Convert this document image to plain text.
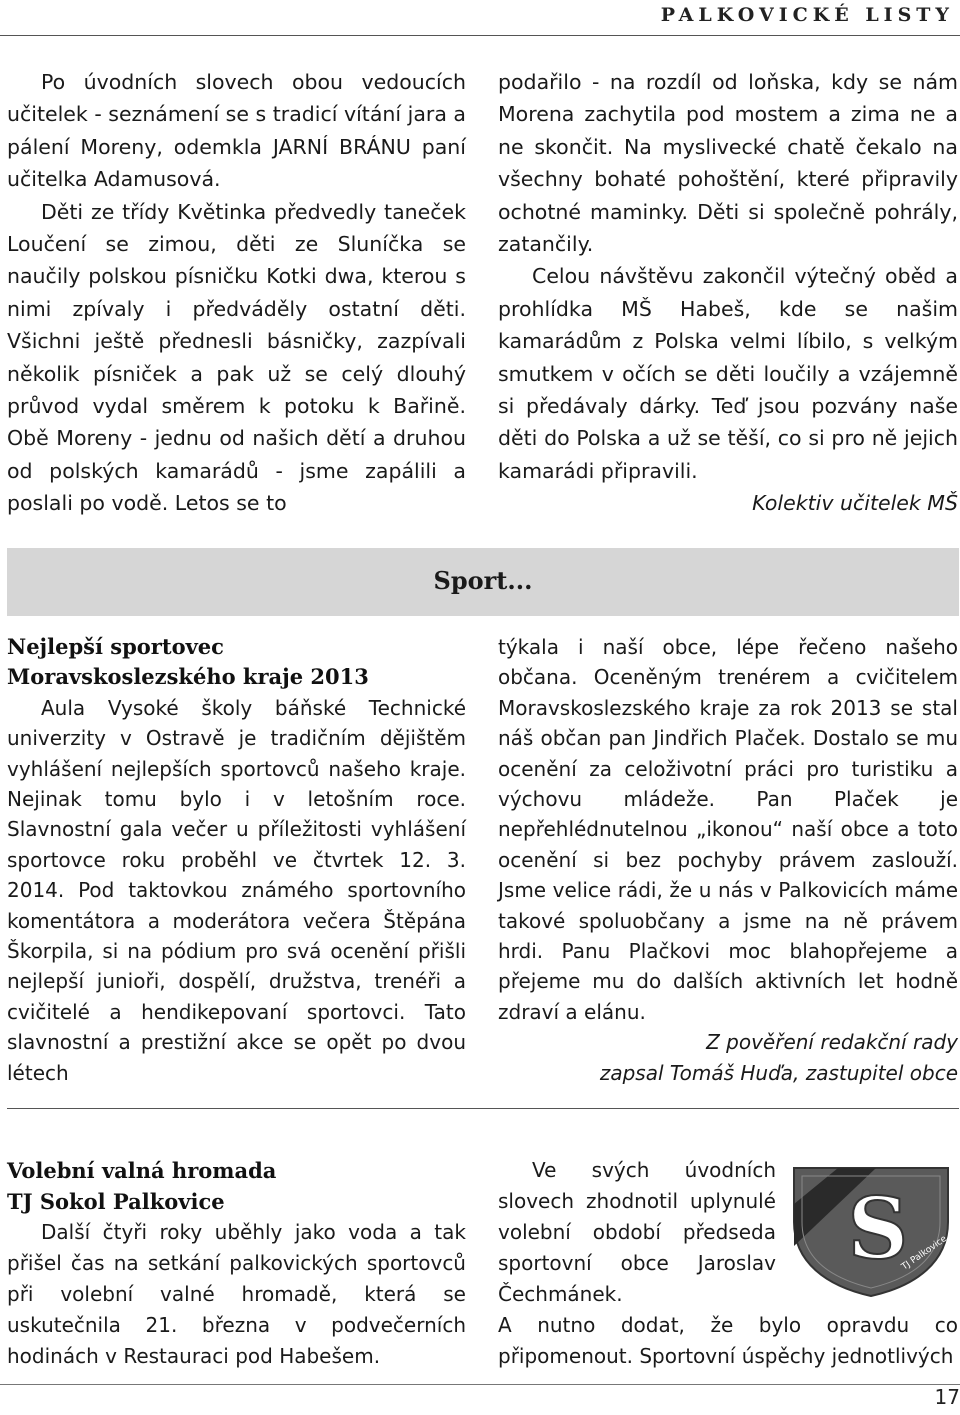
PALKOVICKÉ LISTY

Po úvodních slovech obou vedoucích učitelek - seznámení se s tradicí vítání jara a pálení Moreny, odemkla JARNÍ BRÁNU paní učitelka Adamusová.

Děti ze třídy Květinka předvedly taneček Loučení se zimou, děti ze Sluníčka se naučily polskou písničku Kotki dwa, kterou s nimi zpívaly i předváděly ostatní děti. Všichni ještě přednesli básničky, zazpívali několik písniček a pak už se celý dlouhý průvod vydal směrem k potoku k Bařině. Obě Moreny - jednu od našich dětí a druhou od polských kamarádů - jsme zapálili a poslali po vodě. Letos se to

podařilo - na rozdíl od loňska, kdy se nám Morena zachytila pod mostem a zima ne a ne skončit. Na myslivecké chatě čekalo na všechny bohaté pohoštění, které připravily ochotné maminky. Děti si společně pohrály, zatančily.

Celou návštěvu zakončil výtečný oběd a prohlídka MŠ Habeš, kde se našim kamarádům z Polska velmi líbilo, s velkým smutkem v očích se děti loučily a vzájemně si předávaly dárky. Teď jsou pozvány naše děti do Polska a už se těší, co si pro ně jejich kamarádi připravili.

Kolektiv učitelek MŠ

Sport...
Nejlepší sportovec
Moravskoslezského kraje 2013

Aula Vysoké školy báňské Technické univerzity v Ostravě je tradičním dějištěm vyhlášení nejlepších sportovců našeho kraje. Nejinak tomu bylo i v letošním roce. Slavnostní gala večer u příležitosti vyhlášení sportovce roku proběhl ve čtvrtek 12. 3. 2014. Pod taktovkou známého sportovního komentátora a moderátora večera Štěpána Škorpila, si na pódium pro svá ocenění přišli nejlepší junioři, dospělí, družstva, trenéři a cvičitelé a hendikepovaní sportovci. Tato slavnostní a prestižní akce se opět po dvou létech

týkala i naší obce, lépe řečeno našeho občana. Oceněným trenérem a cvičitelem Moravskoslezského kraje za rok 2013 se stal náš občan pan Jindřich Plaček. Dostalo se mu ocenění za celoživotní práci pro turistiku a výchovu mládeže. Pan Plaček je nepřehlédnutelnou „ikonou“ naší obce a toto ocenění si bez pochyby právem zaslouží. Jsme velice rádi, že u nás v Palkovicích máme takové spoluobčany a jsme na ně právem hrdi. Panu Plačkovi moc blahopřejeme a přejeme mu do dalších aktivních let hodně zdraví a elánu.

Z pověření redakční rady
zapsal Tomáš Huďa, zastupitel obce

Volební valná hromada
TJ Sokol Palkovice

Další čtyři roky uběhly jako voda a tak přišel čas na setkání palkovických sportovců při volební valné hromadě, která se uskutečnila 21. března v podvečerních hodinách v Restauraci pod Habešem.

Ve svých úvodních slovech zhodnotil uplynulé volební období předseda sportovní obce Jaroslav Čechmánek.

A nutno dodat, že bylo opravdu co připomenout. Sportovní úspěchy jednotlivých

S
TJ Palkovice
17
